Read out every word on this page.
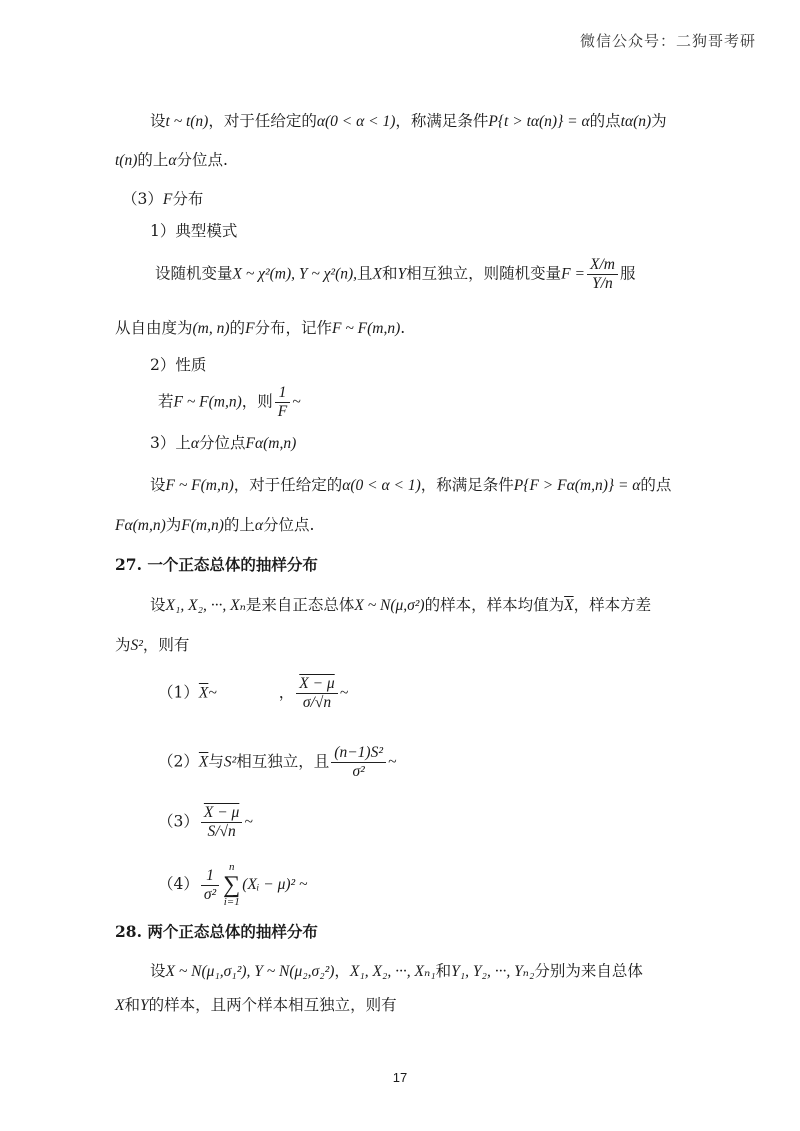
微信公众号：二狗哥考研
设t ~ t(n)，对于任给定的α(0 < α < 1)，称满足条件P{t > tα(n)} = α的点tα(n)为
t(n)的上α分位点.
（3）F分布
1）典型模式
设随机变量X ~ χ²(m), Y ~ χ²(n),且X和Y相互独立，则随机变量$F = \frac{X/m}{Y/n}$ 服
从自由度为(m, n)的F分布，记作F ~ F(m,n).
2）性质
若F ~ F(m,n)，则 $\frac{1}{F}$ ~
3）上α分位点Fα(m,n)
设F ~ F(m,n)，对于任给定的α(0 < α < 1)，称满足条件P{F > Fα(m,n)} = α的点
Fα(m,n)为F(m,n)的上α分位点.
27. 一个正态总体的抽样分布
设X₁, X₂, ···, Xₙ是来自正态总体X ~ N(μ,σ²)的样本，样本均值为$\overline{X}$，样本方差
为S²，则有
$(1)\overline{X}\sim$	， $\frac{X - \mu}{\sigma/√n}$ ~
$(2)\overline{X}$与S²相互独立，且 $\frac{\text{(n−1)S²}}{\text{σ²}}$ ~
$(3) \frac{X - \mu}{S/√n}$ ~
$(4) \frac{1}{\text{σ²}}$ n
∑
i=1(Xᵢ − μ)² ~
28. 两个正态总体的抽样分布
设X ~ N(μ₁,σ₁²), Y ~ N(μ₂,σ₂²)，X₁, X₂, ···, Xₙ₁和Y₁, Y₂, ···, Yₙ₂分别为来自总体
X和Y的样本，且两个样本相互独立，则有
17
